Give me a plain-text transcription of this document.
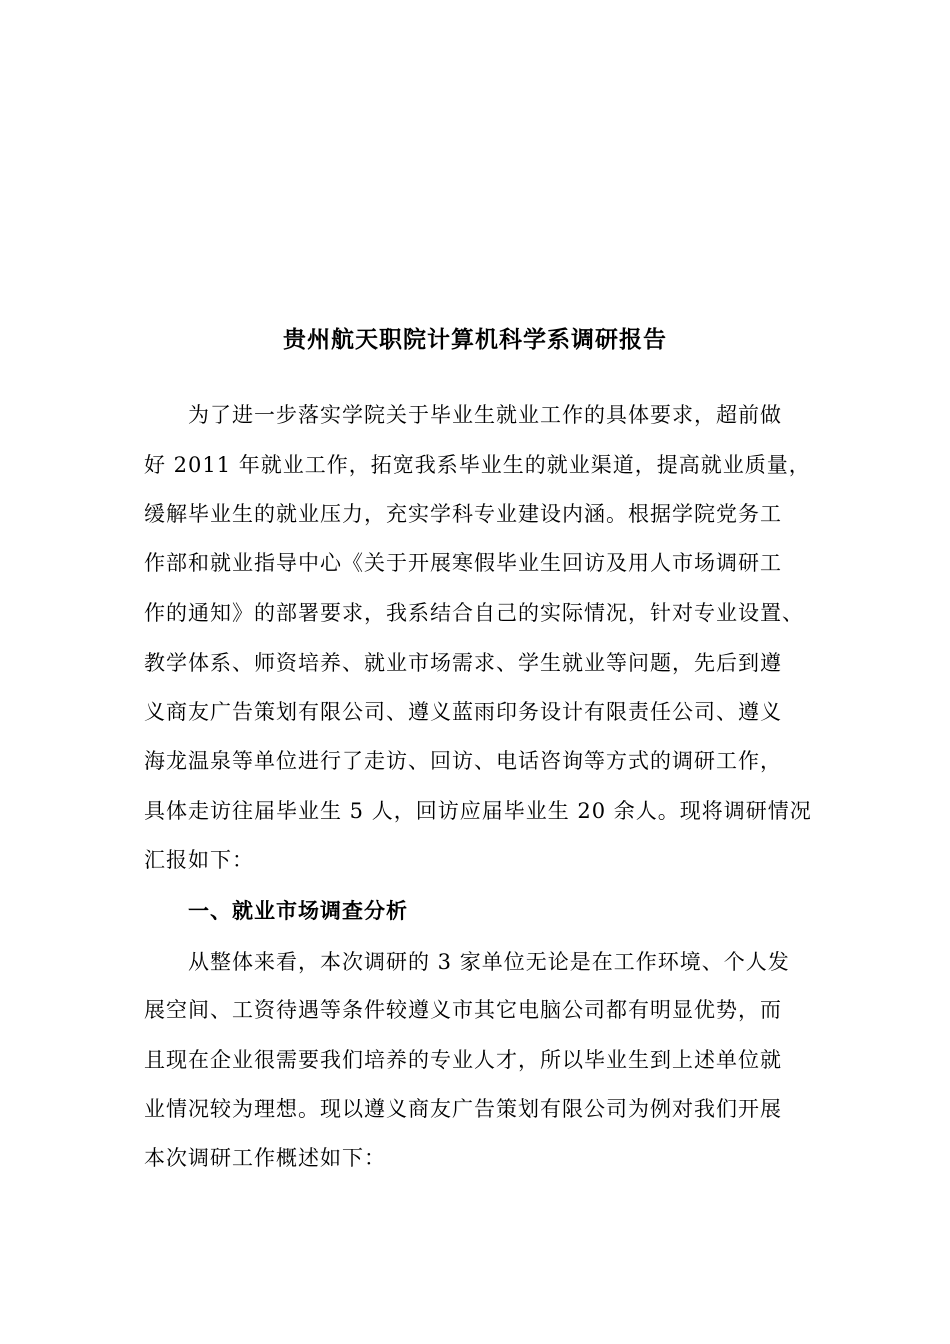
贵州航天职院计算机科学系调研报告
为了进一步落实学院关于毕业生就业工作的具体要求，超前做
好 2011 年就业工作，拓宽我系毕业生的就业渠道，提高就业质量，
缓解毕业生的就业压力，充实学科专业建设内涵。根据学院党务工
作部和就业指导中心《关于开展寒假毕业生回访及用人市场调研工
作的通知》的部署要求，我系结合自己的实际情况，针对专业设置、
教学体系、师资培养、就业市场需求、学生就业等问题，先后到遵
义商友广告策划有限公司、遵义蓝雨印务设计有限责任公司、遵义
海龙温泉等单位进行了走访、回访、电话咨询等方式的调研工作，
具体走访往届毕业生 5 人，回访应届毕业生 20 余人。现将调研情况
汇报如下：
一、就业市场调查分析
从整体来看，本次调研的 3 家单位无论是在工作环境、个人发
展空间、工资待遇等条件较遵义市其它电脑公司都有明显优势，而
且现在企业很需要我们培养的专业人才，所以毕业生到上述单位就
业情况较为理想。现以遵义商友广告策划有限公司为例对我们开展
本次调研工作概述如下：
